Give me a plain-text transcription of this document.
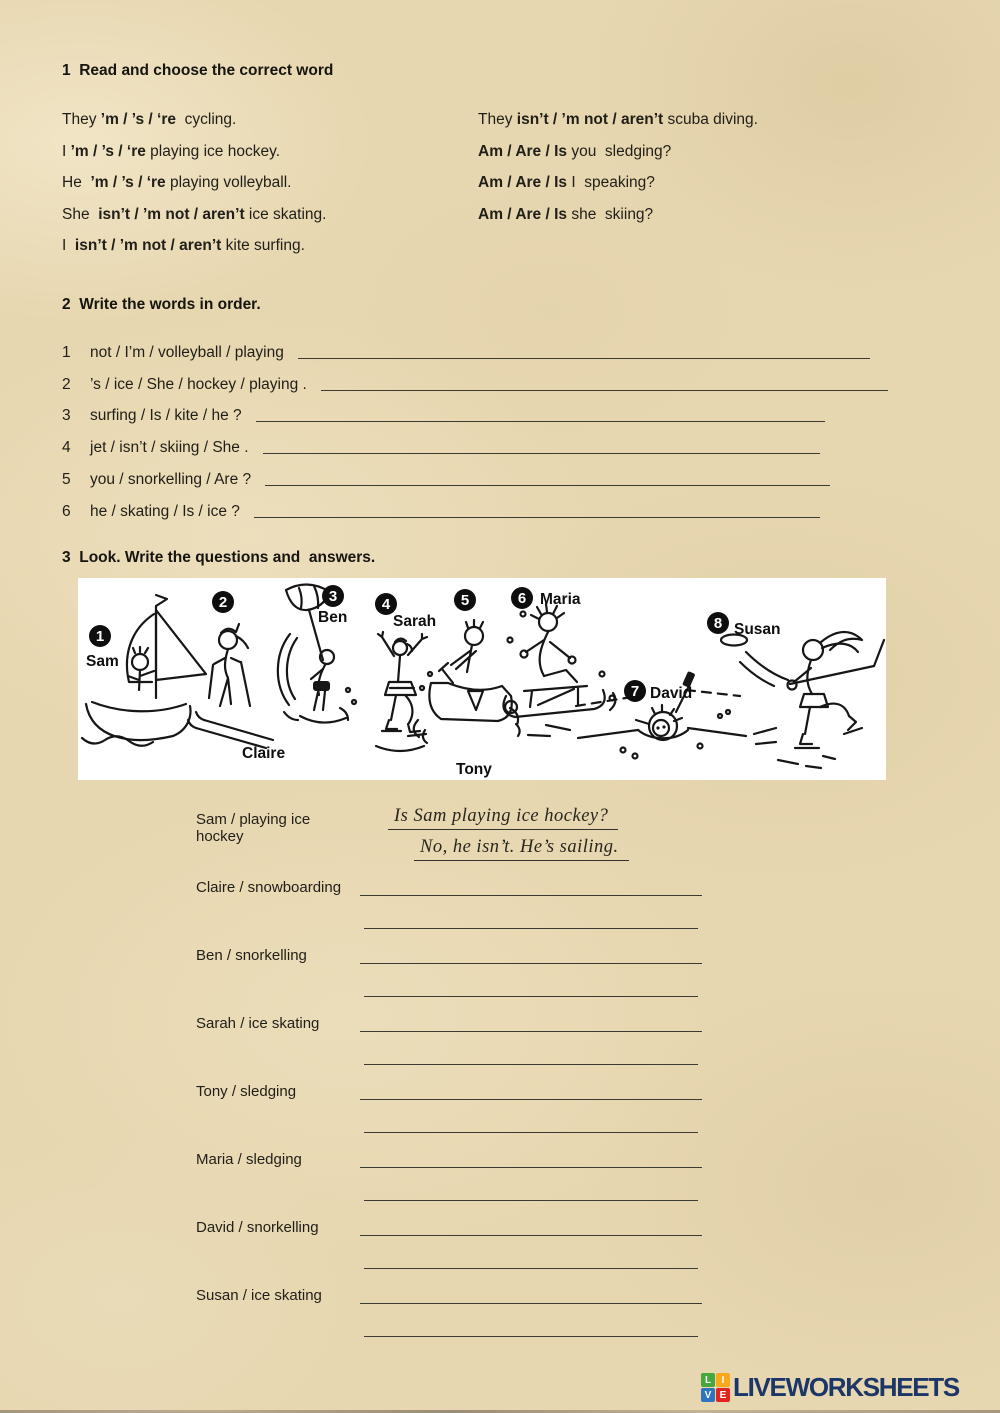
1  Read and choose the correct word
They ’m / ’s / ‘re  cycling.
I ’m / ’s / ‘re playing ice hockey.
He  ’m / ’s / ‘re playing volleyball.
She  isn’t / ’m not / aren’t ice skating.
I  isn’t / ’m not / aren’t kite surfing.
They isn’t / ’m not / aren’t scuba diving.
Am / Are / Is you  sledging?
Am / Are / Is I  speaking?
Am / Are / Is she  skiing?
2  Write the words in order.
1	not / I’m / volleyball / playing
2	’s / ice / She / hockey / playing .
3	surfing / Is / kite / he ?
4	jet / isn’t / skiing / She .
5	you / snorkelling / Are ?
6	he / skating / Is / ice ?
3  Look. Write the questions and  answers.
1
Sam
2
Claire
3
Ben
4
Sarah
5
Tony
6 Maria
7 David
8 Susan
Sam / playing ice hockey
Is Sam playing ice hockey?
No, he isn’t. He’s sailing.
Claire / snowboarding
Ben / snorkelling
Sarah / ice skating
Tony / sledging
Maria / sledging
David / snorkelling
Susan / ice skating
L	I
V E LIVEWORKSHEETS
